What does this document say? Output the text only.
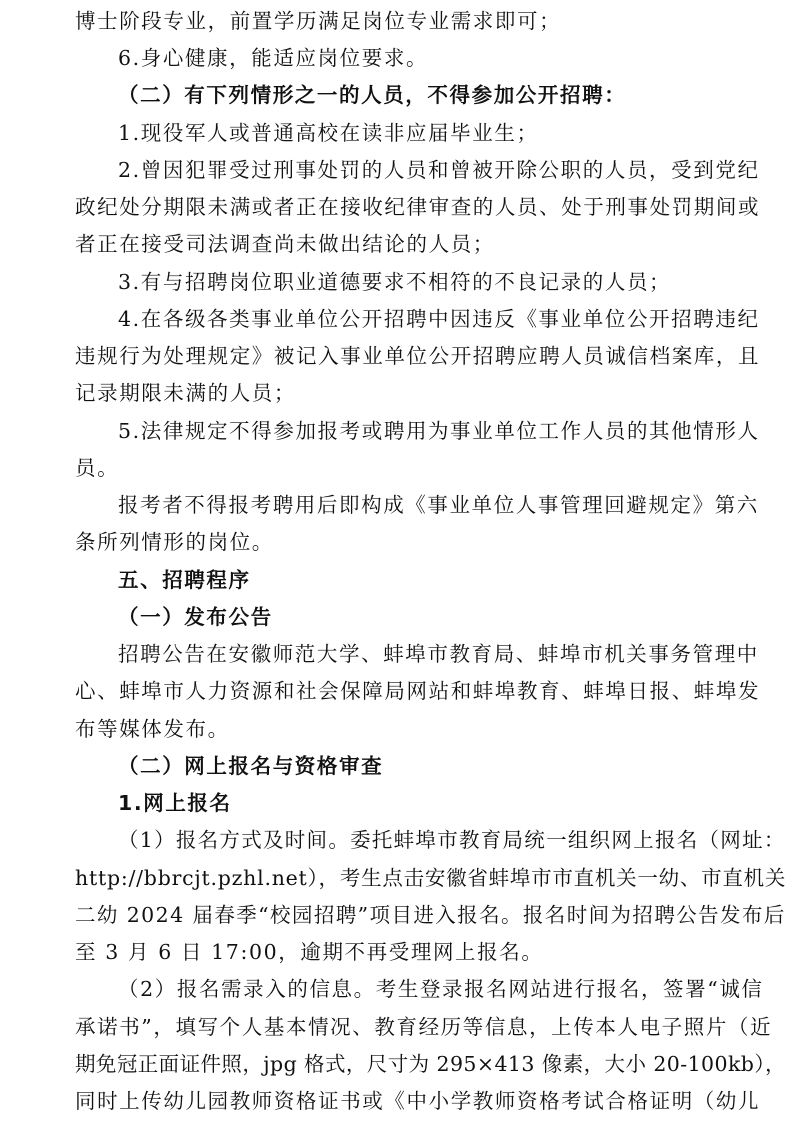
博士阶段专业，前置学历满足岗位专业需求即可；
6.身心健康，能适应岗位要求。
（二）有下列情形之一的人员，不得参加公开招聘：
1.现役军人或普通高校在读非应届毕业生；
2.曾因犯罪受过刑事处罚的人员和曾被开除公职的人员，受到党纪
政纪处分期限未满或者正在接收纪律审查的人员、处于刑事处罚期间或
者正在接受司法调查尚未做出结论的人员；
3.有与招聘岗位职业道德要求不相符的不良记录的人员；
4.在各级各类事业单位公开招聘中因违反《事业单位公开招聘违纪
违规行为处理规定》被记入事业单位公开招聘应聘人员诚信档案库，且
记录期限未满的人员；
5.法律规定不得参加报考或聘用为事业单位工作人员的其他情形人
员。
报考者不得报考聘用后即构成《事业单位人事管理回避规定》第六
条所列情形的岗位。
五、招聘程序
（一）发布公告
招聘公告在安徽师范大学、蚌埠市教育局、蚌埠市机关事务管理中
心、蚌埠市人力资源和社会保障局网站和蚌埠教育、蚌埠日报、蚌埠发
布等媒体发布。
（二）网上报名与资格审查
1.网上报名
（1）报名方式及时间。委托蚌埠市教育局统一组织网上报名（网址：
http://bbrcjt.pzhl.net），考生点击安徽省蚌埠市市直机关一幼、市直机关
二幼 2024 届春季“校园招聘”项目进入报名。报名时间为招聘公告发布后
至 3 月 6 日 17:00，逾期不再受理网上报名。
（2）报名需录入的信息。考生登录报名网站进行报名，签署“诚信
承诺书”，填写个人基本情况、教育经历等信息，上传本人电子照片（近
期免冠正面证件照，jpg 格式，尺寸为 295×413 像素，大小 20-100kb），
同时上传幼儿园教师资格证书或《中小学教师资格考试合格证明（幼儿
